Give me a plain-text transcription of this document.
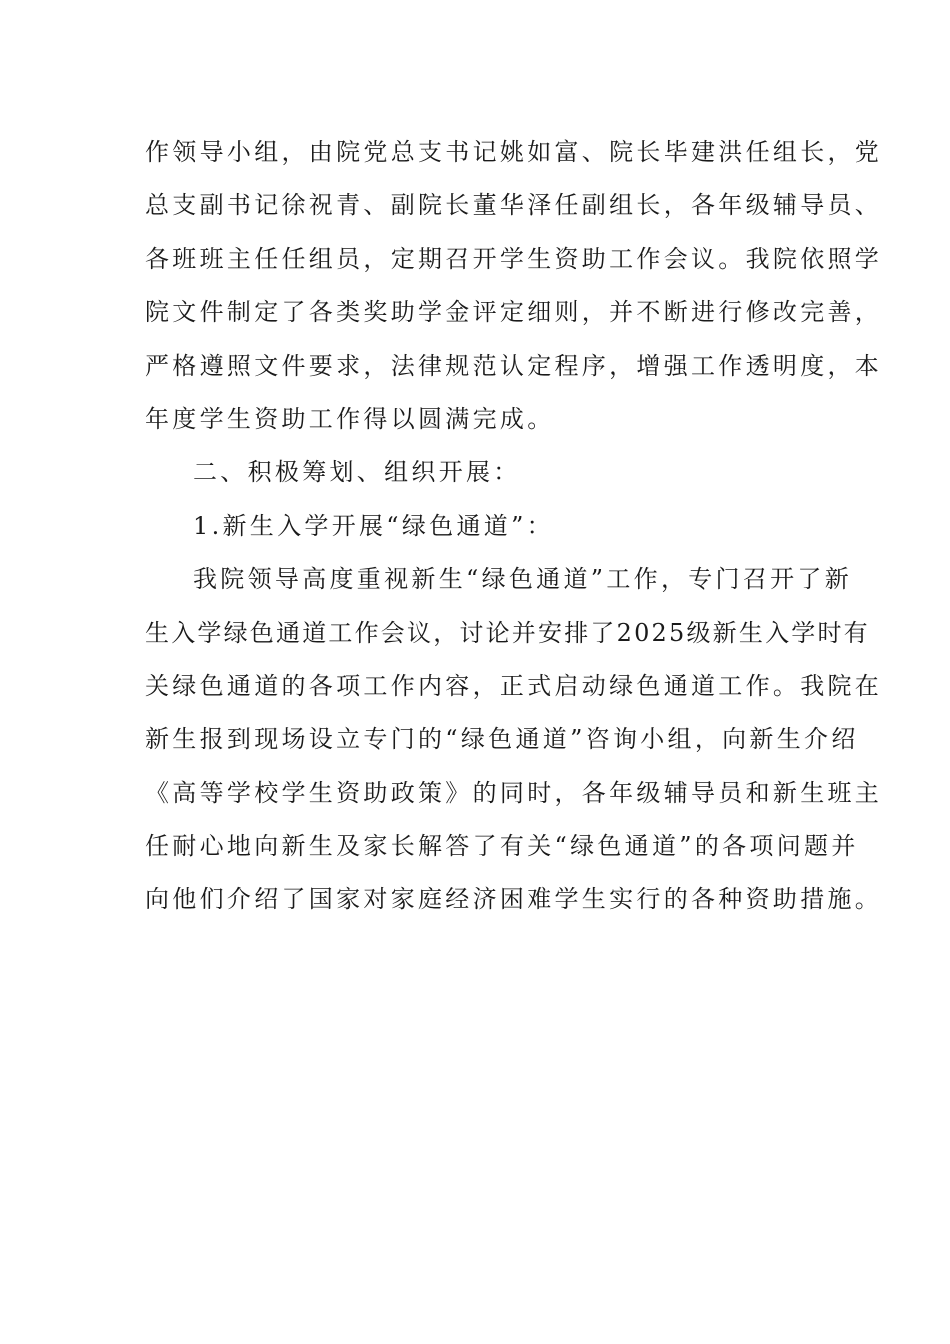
作领导小组，由院党总支书记姚如富、院长毕建洪任组长，党
总支副书记徐祝青、副院长董华泽任副组长，各年级辅导员、
各班班主任任组员，定期召开学生资助工作会议。我院依照学
院文件制定了各类奖助学金评定细则，并不断进行修改完善，
严格遵照文件要求，法律规范认定程序，增强工作透明度，本
年度学生资助工作得以圆满完成。
二、积极筹划、组织开展：
1.新生入学开展“绿色通道”：
我院领导高度重视新生“绿色通道”工作，专门召开了新
生入学绿色通道工作会议，讨论并安排了2025级新生入学时有
关绿色通道的各项工作内容，正式启动绿色通道工作。我院在
新生报到现场设立专门的“绿色通道”咨询小组，向新生介绍
《高等学校学生资助政策》的同时，各年级辅导员和新生班主
任耐心地向新生及家长解答了有关“绿色通道”的各项问题并
向他们介绍了国家对家庭经济困难学生实行的各种资助措施。
